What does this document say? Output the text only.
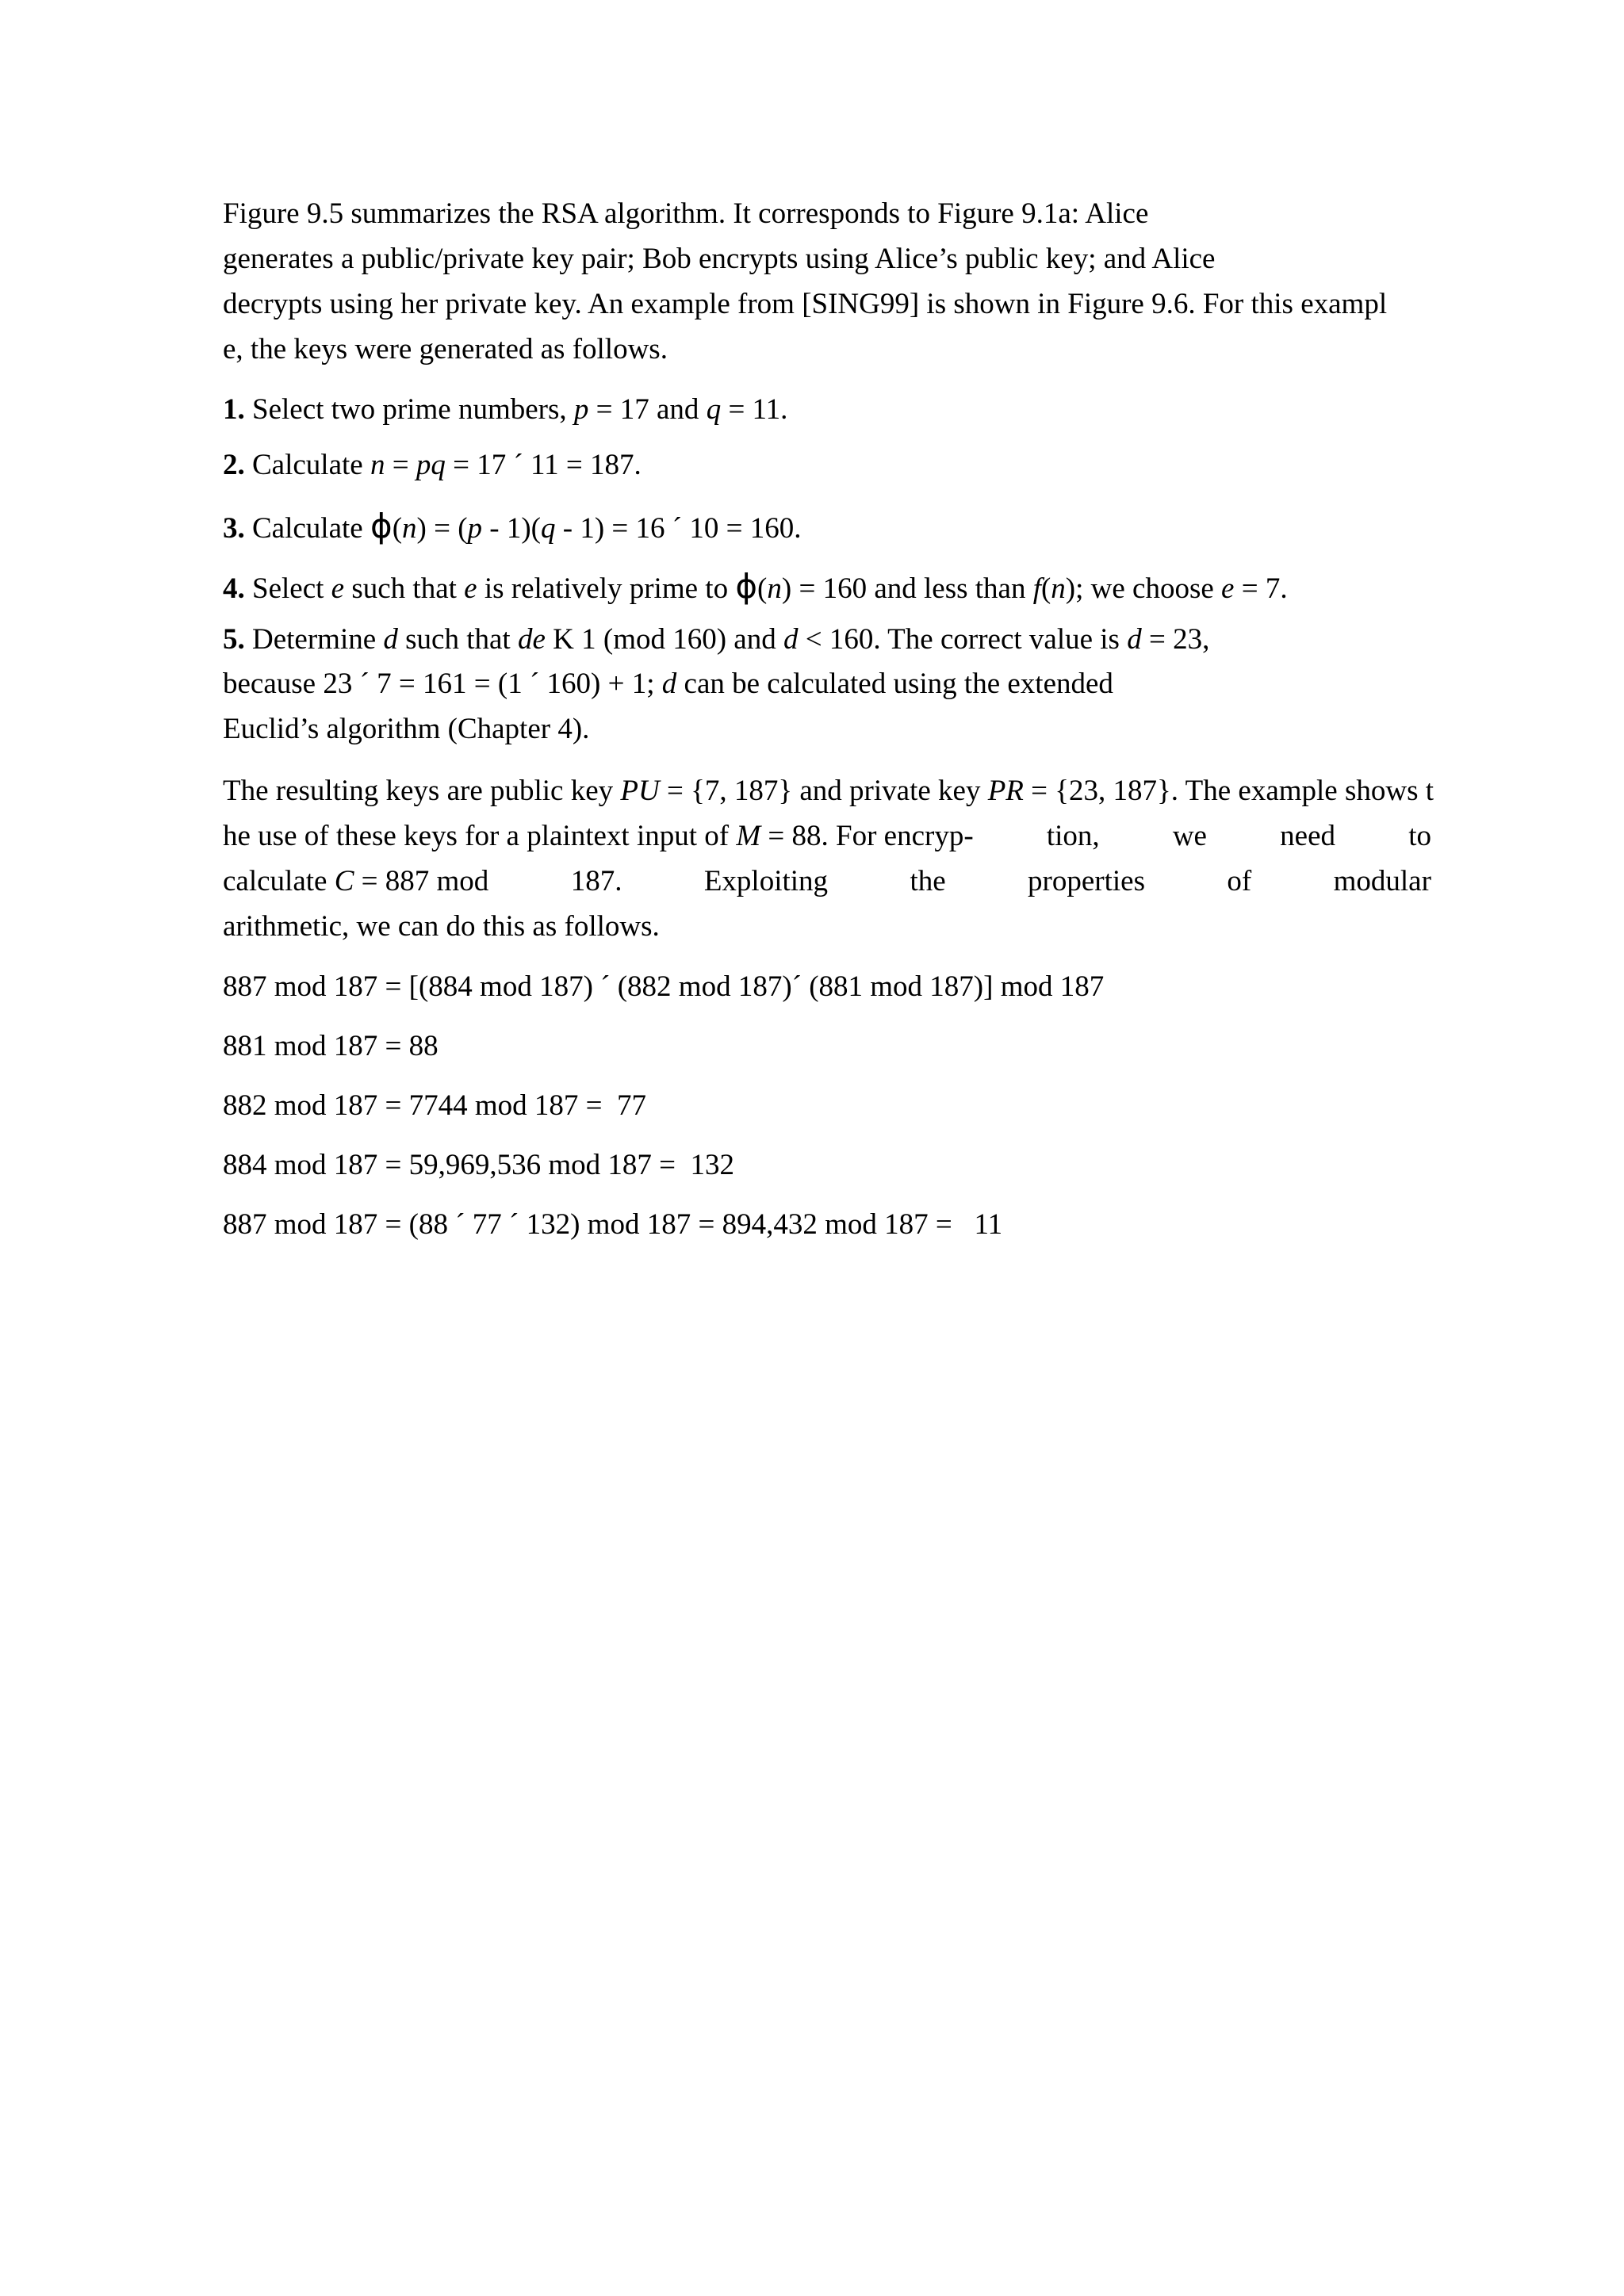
Figure 9.5 summarizes the RSA algorithm. It corresponds to Figure 9.1a: Alice
generates a public/private key pair; Bob encrypts using Alice’s public key; and Alice
decrypts using her private key. An example from [SING99] is shown in Figure 9.6. For this exampl
e, the keys were generated as follows.
1. Select two prime numbers, p = 17 and q = 11.
2. Calculate n = pq = 17 ´ 11 = 187.
3. Calculate ϕ(n) = (p - 1)(q - 1) = 16 ´ 10 = 160.
4. Select e such that e is relatively prime to ϕ(n) = 160 and less than f(n); we choose e = 7.
5. Determine d such that de K 1 (mod 160) and d < 160. The correct value is d = 23,
because 23 ´ 7 = 161 = (1 ´ 160) + 1; d can be calculated using the extended
Euclid’s algorithm (Chapter 4).
The resulting keys are public key PU = {7, 187} and private key PR = {23, 187}. The example shows t
he use of these keys for a plaintext input of M = 88. For encryp- tion, we need to
calculate C = 887 mod	187.	Exploiting	the	properties	of	modular
arithmetic, we can do this as follows.
887 mod 187 = [(884 mod 187) ´ (882 mod 187)´ (881 mod 187)] mod 187
881 mod 187 = 88
882 mod 187 = 7744 mod 187 =  77
884 mod 187 = 59,969,536 mod 187 =  132
887 mod 187 = (88 ´ 77 ´ 132) mod 187 = 894,432 mod 187 =   11
